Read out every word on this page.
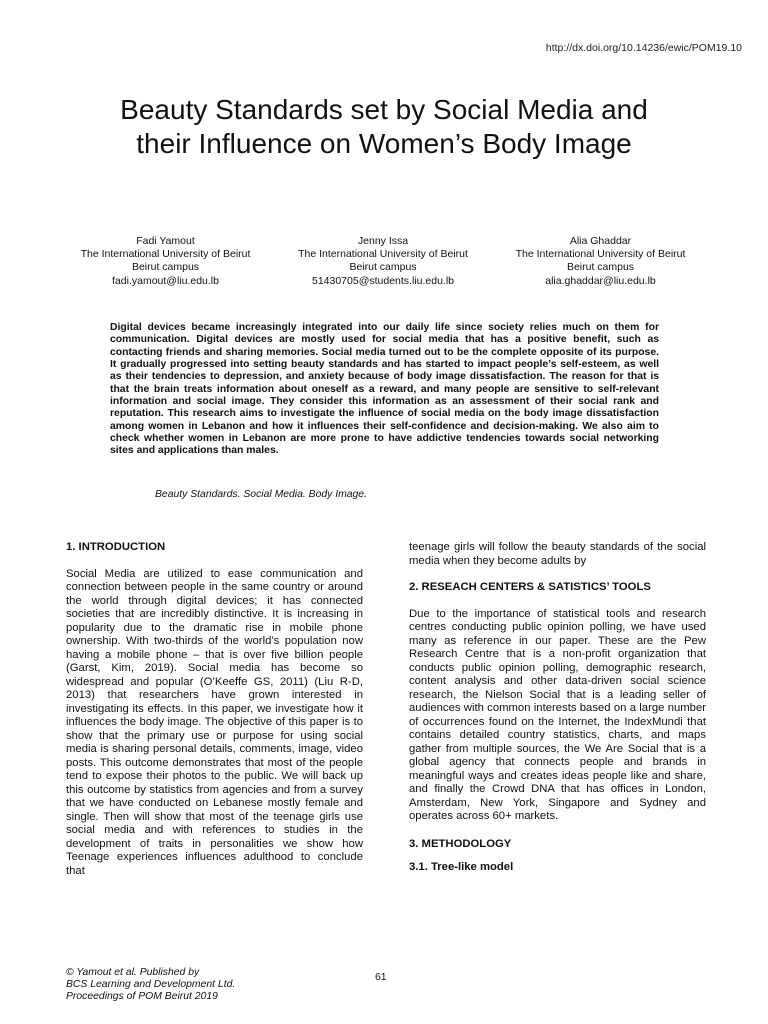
http://dx.doi.org/10.14236/ewic/POM19.10
Beauty Standards set by Social Media and
their Influence on Women’s Body Image
Fadi Yamout
The International University of Beirut
Beirut campus
fadi.yamout@liu.edu.lb
Jenny Issa
The International University of Beirut
Beirut campus
51430705@students.liu.edu.lb
Alia Ghaddar
The International University of Beirut
Beirut campus
alia.ghaddar@liu.edu.lb

Digital devices became increasingly integrated into our daily life since society relies much on them for communication. Digital devices are mostly used for social media that has a positive benefit, such as contacting friends and sharing memories. Social media turned out to be the complete opposite of its purpose. It gradually progressed into setting beauty standards and has started to impact people’s self-esteem, as well as their tendencies to depression, and anxiety because of body image dissatisfaction. The reason for that is that the brain treats information about oneself as a reward, and many people are sensitive to self-relevant information and social image. They consider this information as an assessment of their social rank and reputation. This research aims to investigate the influence of social media on the body image dissatisfaction among women in Lebanon and how it influences their self-confidence and decision-making. We also aim to check whether women in Lebanon are more prone to have addictive tendencies towards social networking sites and applications than males.

Beauty Standards. Social Media. Body Image.

1. INTRODUCTION

Social Media are utilized to ease communication and connection between people in the same country or around the world through digital devices; it has connected societies that are incredibly distinctive. It is increasing in popularity due to the dramatic rise in mobile phone ownership. With two-thirds of the world’s population now having a mobile phone – that is over five billion people (Garst, Kim, 2019). Social media has become so widespread and popular (O’Keeffe GS, 2011) (Liu R-D, 2013) that researchers have grown interested in investigating its effects. In this paper, we investigate how it influences the body image. The objective of this paper is to show that the primary use or purpose for using social media is sharing personal details, comments, image, video posts. This outcome demonstrates that most of the people tend to expose their photos to the public. We will back up this outcome by statistics from agencies and from a survey that we have conducted on Lebanese mostly female and single. Then will show that most of the teenage girls use social media and with references to studies in the development of traits in personalities we show how Teenage experiences influences adulthood to conclude that

teenage girls will follow the beauty standards of the social media when they become adults by

2. RESEACH CENTERS & SATISTICS’ TOOLS

Due to the importance of statistical tools and research centres conducting public opinion polling, we have used many as reference in our paper. These are the Pew Research Centre that is a non-profit organization that conducts public opinion polling, demographic research, content analysis and other data-driven social science research, the Nielson Social that is a leading seller of audiences with common interests based on a large number of occurrences found on the Internet, the IndexMundi that contains detailed country statistics, charts, and maps gather from multiple sources, the We Are Social that is a global agency that connects people and brands in meaningful ways and creates ideas people like and share, and finally the Crowd DNA that has offices in London, Amsterdam, New York, Singapore and Sydney and operates across 60+ markets.

3. METHODOLOGY
3.1. Tree-like model
© Yamout et al. Published by
BCS Learning and Development Ltd.
Proceedings of POM Beirut 2019
61
